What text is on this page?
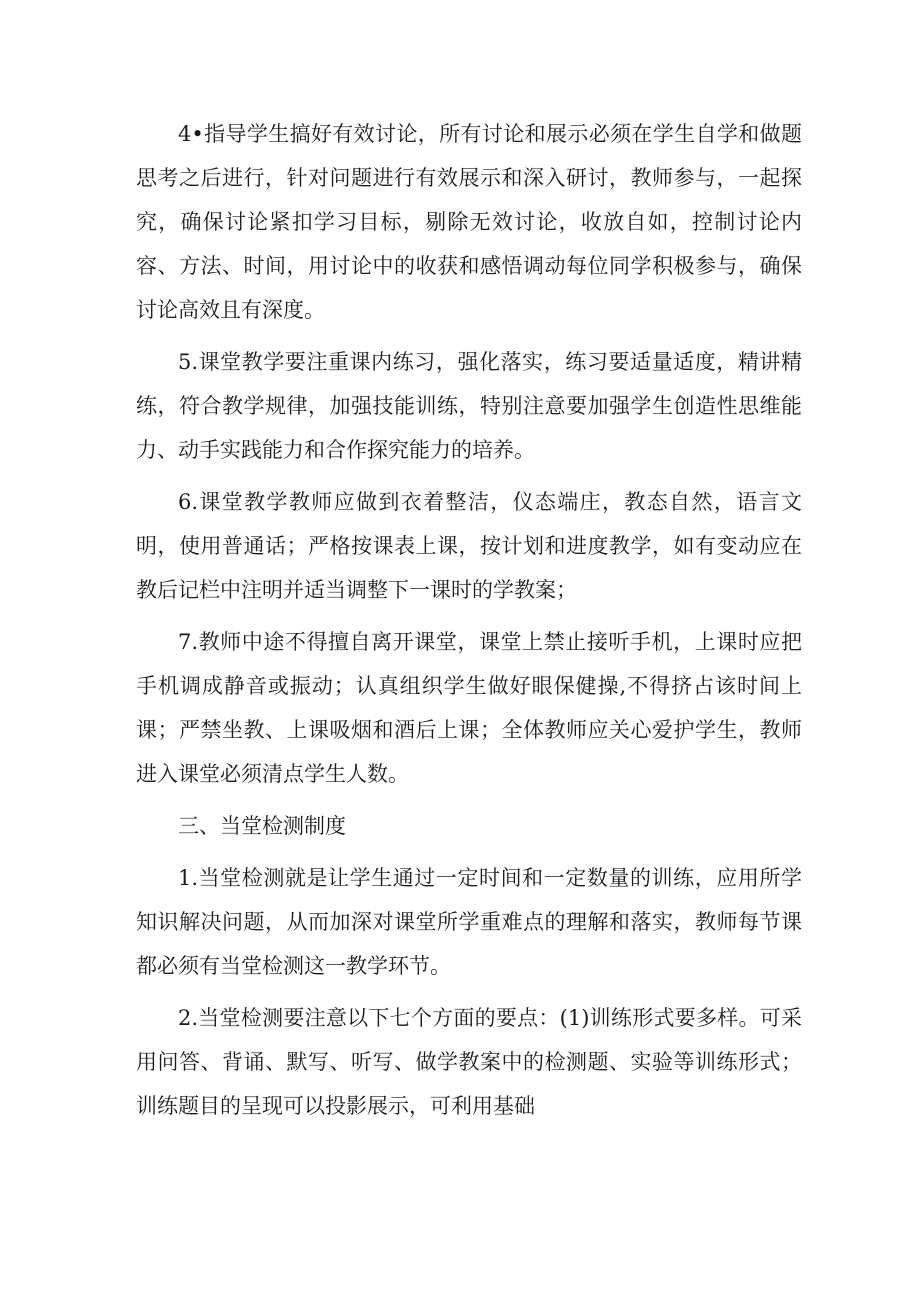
4•指导学生搞好有效讨论，所有讨论和展示必须在学生自学和做题思考之后进行，针对问题进行有效展示和深入研讨，教师参与，一起探究，确保讨论紧扣学习目标，剔除无效讨论，收放自如，控制讨论内容、方法、时间，用讨论中的收获和感悟调动每位同学积极参与，确保讨论高效且有深度。

5.课堂教学要注重课内练习，强化落实，练习要适量适度，精讲精练，符合教学规律，加强技能训练，特别注意要加强学生创造性思维能力、动手实践能力和合作探究能力的培养。

6.课堂教学教师应做到衣着整洁，仪态端庄，教态自然，语言文明，使用普通话；严格按课表上课，按计划和进度教学，如有变动应在教后记栏中注明并适当调整下一课时的学教案；

7.教师中途不得擅自离开课堂，课堂上禁止接听手机，上课时应把手机调成静音或振动；认真组织学生做好眼保健操,不得挤占该时间上课；严禁坐教、上课吸烟和酒后上课；全体教师应关心爱护学生，教师进入课堂必须清点学生人数。

三、当堂检测制度

1.当堂检测就是让学生通过一定时间和一定数量的训练，应用所学知识解决问题，从而加深对课堂所学重难点的理解和落实，教师每节课都必须有当堂检测这一教学环节。

2.当堂检测要注意以下七个方面的要点：(1)训练形式要多样。可采用问答、背诵、默写、听写、做学教案中的检测题、实验等训练形式；训练题目的呈现可以投影展示，可利用基础
